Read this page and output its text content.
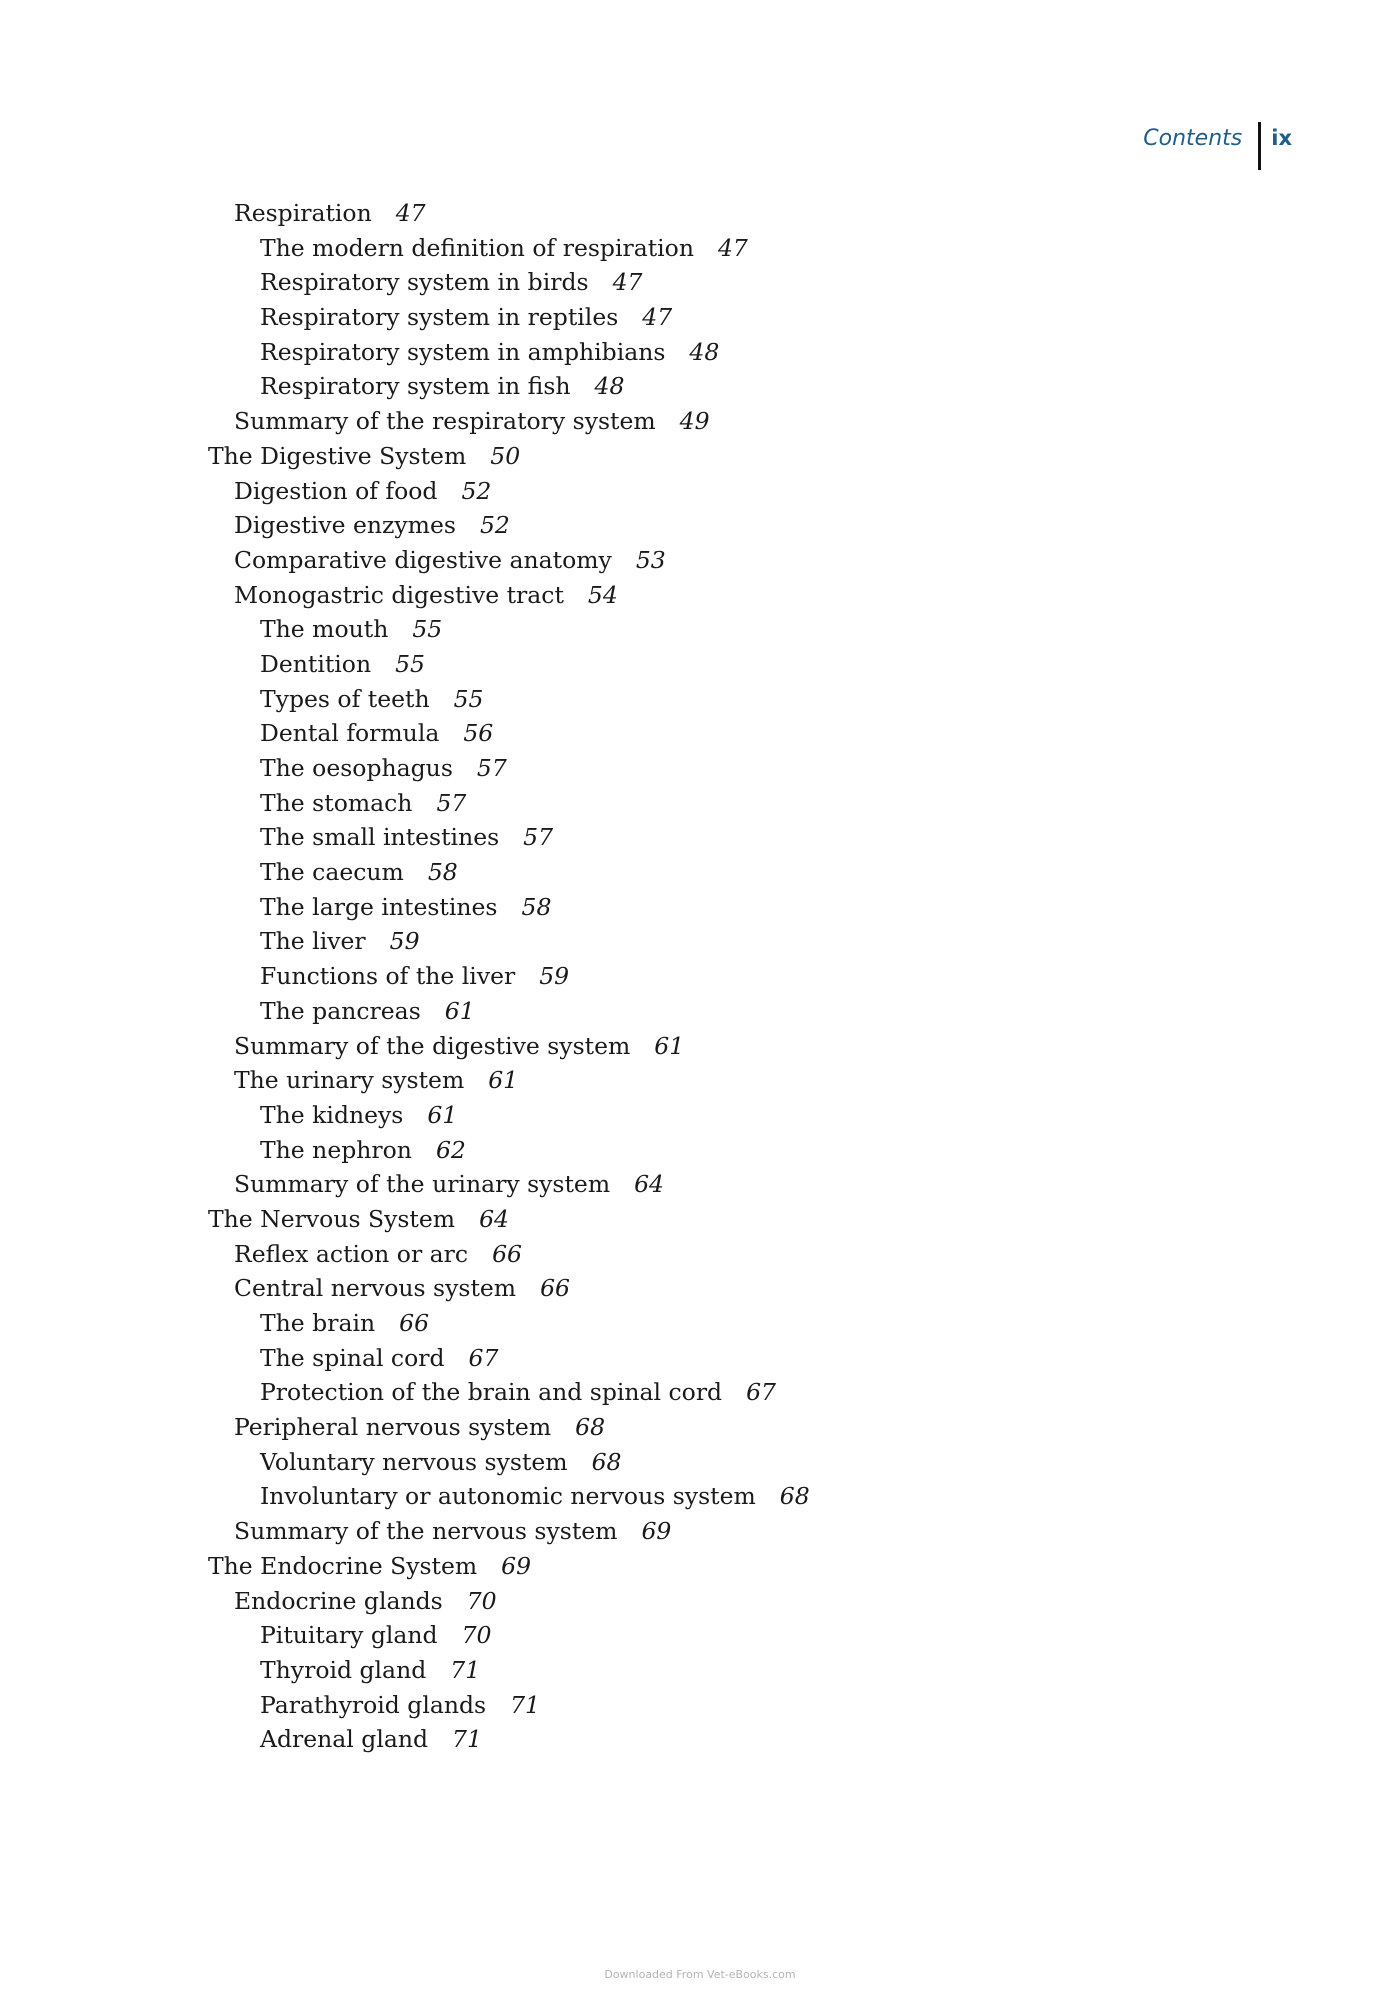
Contents ix
Respiration 47
The modern definition of respiration 47
Respiratory system in birds 47
Respiratory system in reptiles 47
Respiratory system in amphibians 48
Respiratory system in fish 48
Summary of the respiratory system 49
The Digestive System 50
Digestion of food 52
Digestive enzymes 52
Comparative digestive anatomy 53
Monogastric digestive tract 54
The mouth 55
Dentition 55
Types of teeth 55
Dental formula 56
The oesophagus 57
The stomach 57
The small intestines 57
The caecum 58
The large intestines 58
The liver 59
Functions of the liver 59
The pancreas 61
Summary of the digestive system 61
The urinary system 61
The kidneys 61
The nephron 62
Summary of the urinary system 64
The Nervous System 64
Reflex action or arc 66
Central nervous system 66
The brain 66
The spinal cord 67
Protection of the brain and spinal cord 67
Peripheral nervous system 68
Voluntary nervous system 68
Involuntary or autonomic nervous system 68
Summary of the nervous system 69
The Endocrine System 69
Endocrine glands 70
Pituitary gland 70
Thyroid gland 71
Parathyroid glands 71
Adrenal gland 71
Downloaded From Vet-eBooks.com
